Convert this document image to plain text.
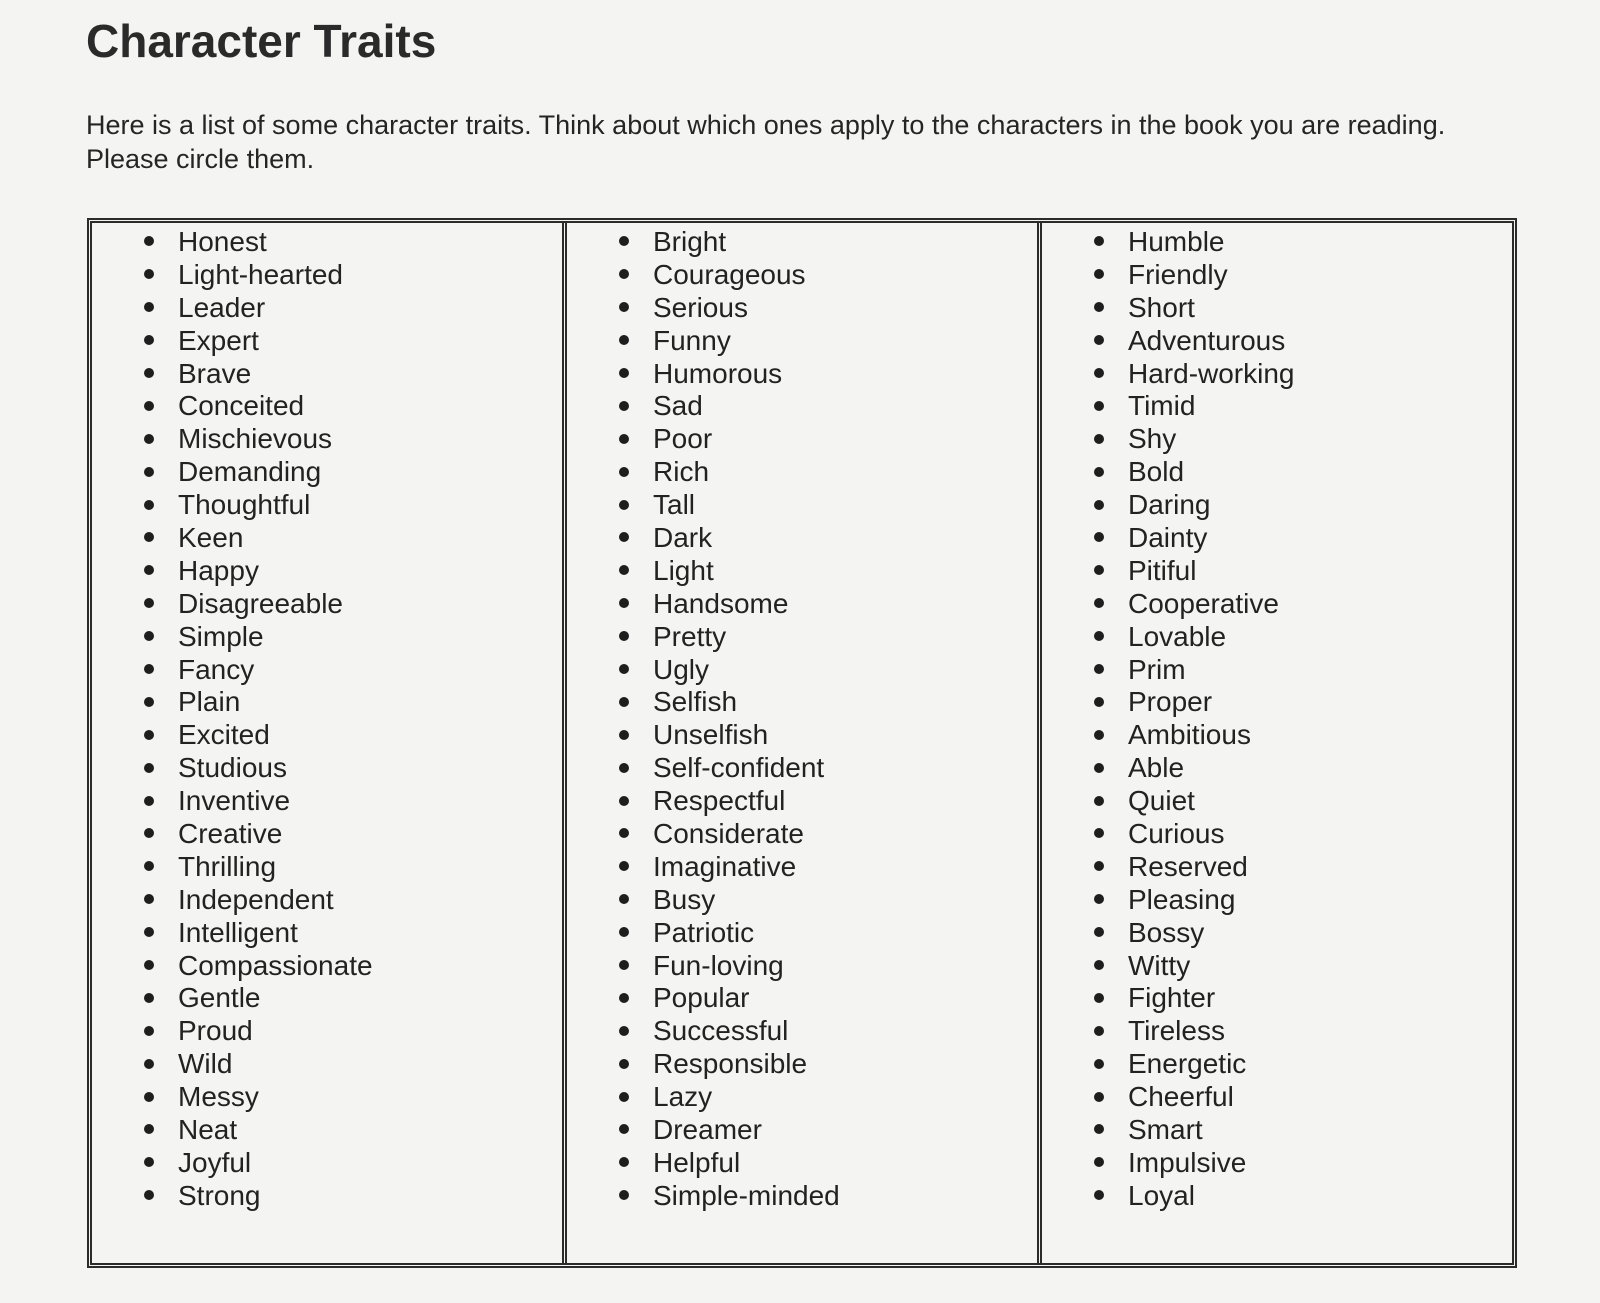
Character Traits
Here is a list of some character traits. Think about which ones apply to the characters in the book you are reading. Please circle them.
Honest
Light-hearted
Leader
Expert
Brave
Conceited
Mischievous
Demanding
Thoughtful
Keen
Happy
Disagreeable
Simple
Fancy
Plain
Excited
Studious
Inventive
Creative
Thrilling
Independent
Intelligent
Compassionate
Gentle
Proud
Wild
Messy
Neat
Joyful
Strong
Bright
Courageous
Serious
Funny
Humorous
Sad
Poor
Rich
Tall
Dark
Light
Handsome
Pretty
Ugly
Selfish
Unselfish
Self-confident
Respectful
Considerate
Imaginative
Busy
Patriotic
Fun-loving
Popular
Successful
Responsible
Lazy
Dreamer
Helpful
Simple-minded
Humble
Friendly
Short
Adventurous
Hard-working
Timid
Shy
Bold
Daring
Dainty
Pitiful
Cooperative
Lovable
Prim
Proper
Ambitious
Able
Quiet
Curious
Reserved
Pleasing
Bossy
Witty
Fighter
Tireless
Energetic
Cheerful
Smart
Impulsive
Loyal
